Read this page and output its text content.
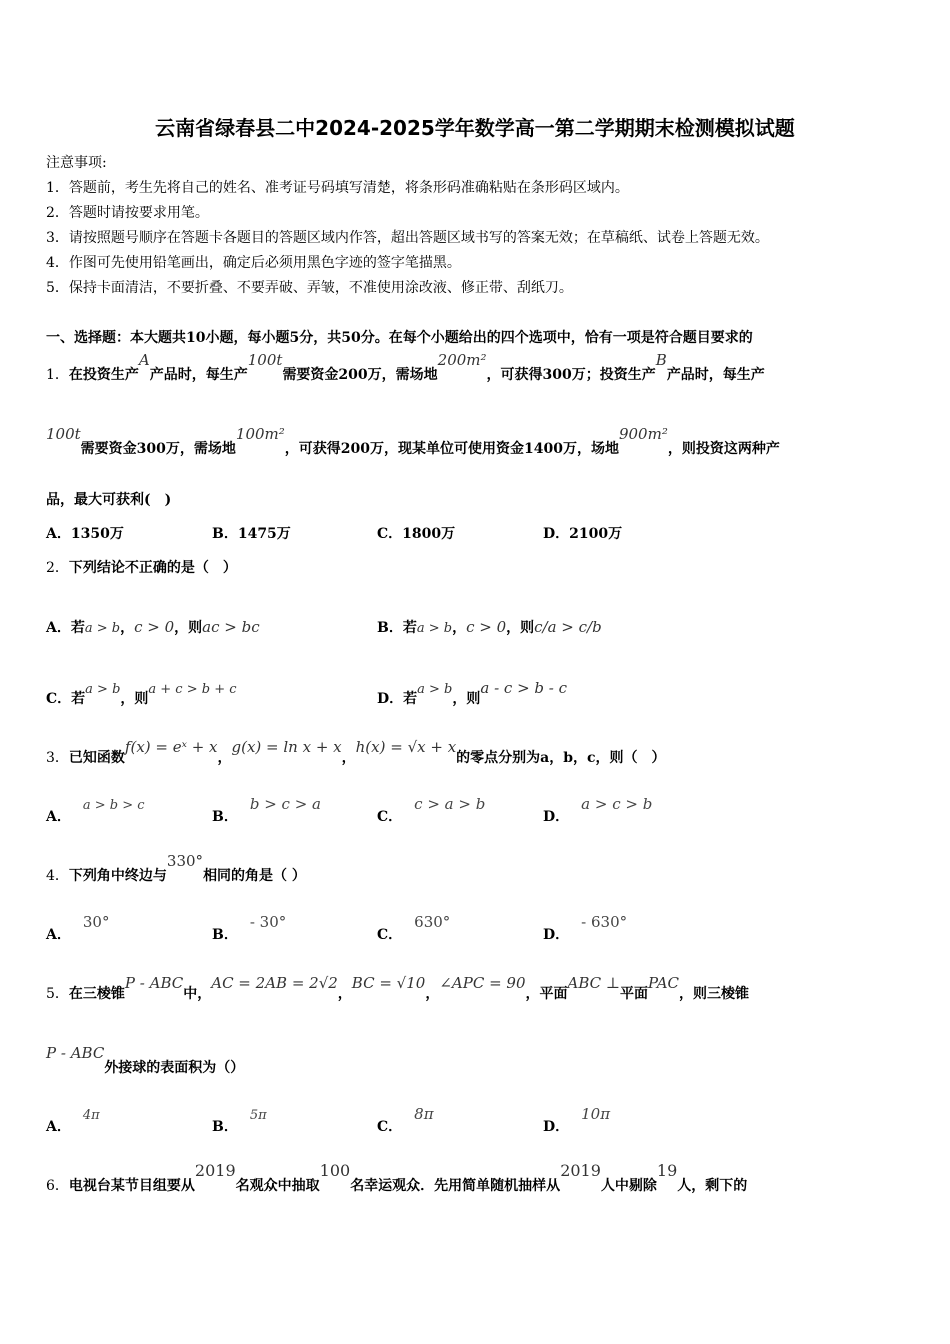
云南省绿春县二中2024-2025学年数学高一第二学期期末检测模拟试题
注意事项:
1．答题前，考生先将自己的姓名、准考证号码填写清楚，将条形码准确粘贴在条形码区域内。
2．答题时请按要求用笔。
3．请按照题号顺序在答题卡各题目的答题区域内作答，超出答题区域书写的答案无效；在草稿纸、试卷上答题无效。
4．作图可先使用铅笔画出，确定后必须用黑色字迹的签字笔描黑。
5．保持卡面清洁，不要折叠、不要弄破、弄皱，不准使用涂改液、修正带、刮纸刀。
一、选择题：本大题共10小题，每小题5分，共50分。在每个小题给出的四个选项中，恰有一项是符合题目要求的
1．在投资生产A产品时，每生产100t需要资金200万，需场地200m²，可获得300万；投资生产B产品时，每生产
100t需要资金300万，需场地100m²，可获得200万，现某单位可使用资金1400万，场地900m²，则投资这两种产
品，最大可获利(　)
A．1350万	B．1475万	C．1800万	D．2100万
2．下列结论不正确的是（　）
A．若a > b，c > 0，则ac > bc	B．若a > b，c > 0，则c/a > c/b
C．若a > b，则a + c > b + c
D．若a > b，则a - c > b - c
3．已知函数f(x) = eˣ + x，g(x) = ln x + x，h(x) = √x + x的零点分别为a，b，c，则（　）
A．a > b > c
B．b > c > a
C．c > a > b
D．a > c > b
4．下列角中终边与330°相同的角是（ ）
A．30°
B．- 30°
C．630°
D．- 630°
5．在三棱锥P - ABC中，AC = 2AB = 2√2，BC = √10，∠APC = 90，平面ABC ⊥平面PAC，则三棱锥
P - ABC外接球的表面积为（）
A．4π
B．5π
C．8π
D．10π
6．电视台某节目组要从2019名观众中抽取100名幸运观众．先用简单随机抽样从2019人中剔除19人，剩下的
